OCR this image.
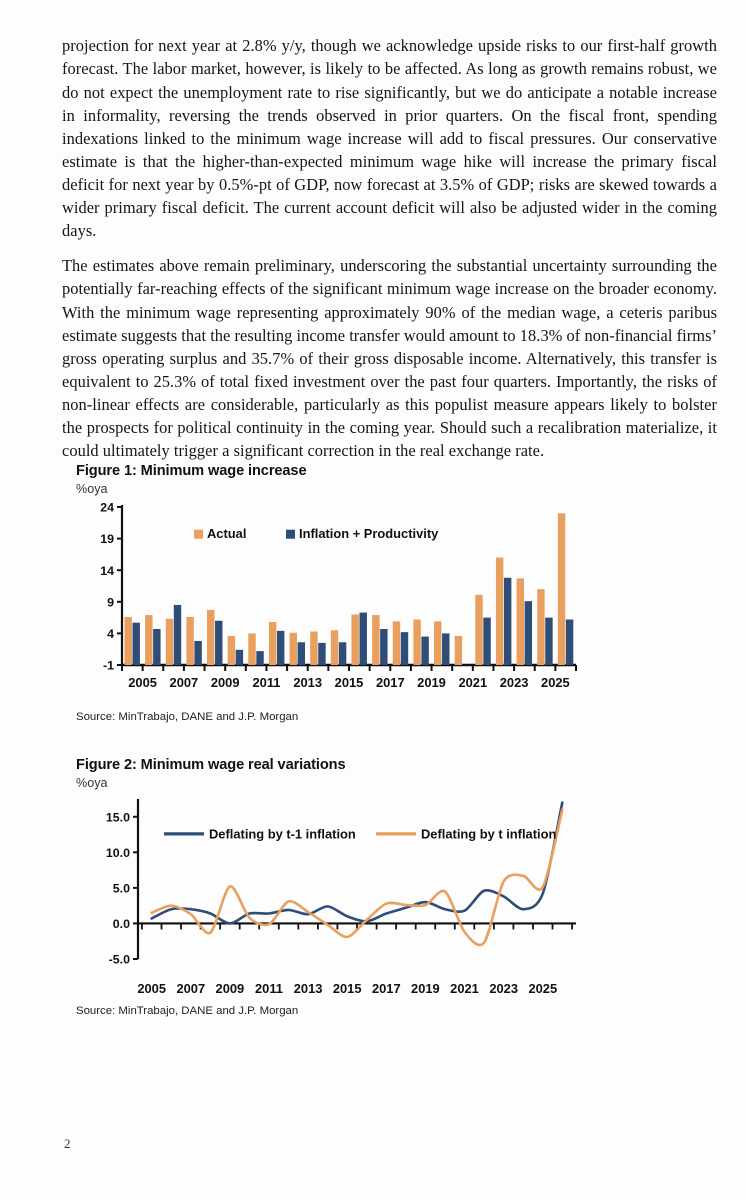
projection for next year at 2.8% y/y, though we acknowledge upside risks to our first-half growth forecast. The labor market, however, is likely to be affected. As long as growth remains robust, we do not expect the unemployment rate to rise significantly, but we do anticipate a notable increase in informality, reversing the trends observed in prior quarters. On the fiscal front, spending indexations linked to the minimum wage increase will add to fiscal pressures. Our conservative estimate is that the higher-than-expected minimum wage hike will increase the primary fiscal deficit for next year by 0.5%-pt of GDP, now forecast at 3.5% of GDP; risks are skewed towards a wider primary fiscal deficit. The current account deficit will also be adjusted wider in the coming days.

The estimates above remain preliminary, underscoring the substantial uncertainty surrounding the potentially far-reaching effects of the significant minimum wage increase on the broader economy. With the minimum wage representing approximately 90% of the median wage, a ceteris paribus estimate suggests that the resulting income transfer would amount to 18.3% of non-financial firms’ gross operating surplus and 35.7% of their gross disposable income. Alternatively, this transfer is equivalent to 25.3% of total fixed investment over the past four quarters. Importantly, the risks of non-linear effects are considerable, particularly as this populist measure appears likely to bolster the prospects for political continuity in the coming year. Should such a recalibration materialize, it could ultimately trigger a significant correction in the real exchange rate.

Figure 1: Minimum wage increase
%oya
-1
4
9
14
19
24
2005 2007 2009 2011 2013 2015 2017 2019 2021 2023 2025
Actual	Inflation + Productivity
Source: MinTrabajo, DANE and J.P. Morgan
Figure 2: Minimum wage real variations
%oya
-5.0
0.0
5.0
10.0
15.0
2005 2007 2009 2011 2013 2015 2017 2019 2021 2023 2025
Deflating by t-1 inflation	Deflating by t inflation
Source: MinTrabajo, DANE and J.P. Morgan
2
